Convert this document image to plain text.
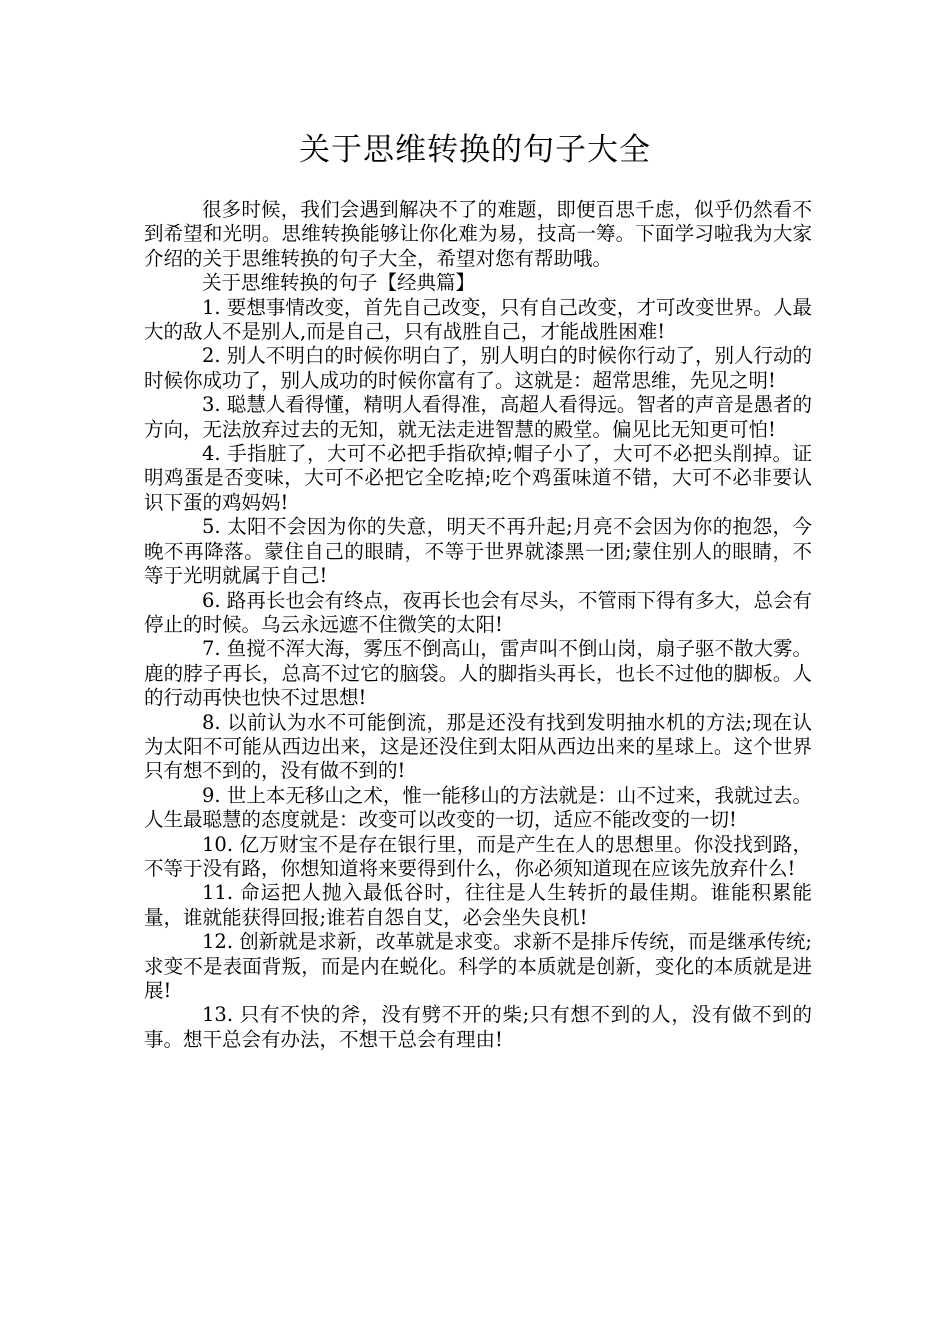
关于思维转换的句子大全

很多时候，我们会遇到解决不了的难题，即便百思千虑，似乎仍然看不到希望和光明。思维转换能够让你化难为易，技高一筹。下面学习啦我为大家介绍的关于思维转换的句子大全，希望对您有帮助哦。

关于思维转换的句子【经典篇】

1. 要想事情改变，首先自己改变，只有自己改变，才可改变世界。人最大的敌人不是别人,而是自己，只有战胜自己，才能战胜困难!

2. 别人不明白的时候你明白了，别人明白的时候你行动了，别人行动的时候你成功了，别人成功的时候你富有了。这就是：超常思维，先见之明!

3. 聪慧人看得懂，精明人看得准，高超人看得远。智者的声音是愚者的方向，无法放弃过去的无知，就无法走进智慧的殿堂。偏见比无知更可怕!

4. 手指脏了，大可不必把手指砍掉;帽子小了，大可不必把头削掉。证明鸡蛋是否变味，大可不必把它全吃掉;吃个鸡蛋味道不错，大可不必非要认识下蛋的鸡妈妈!

5. 太阳不会因为你的失意，明天不再升起;月亮不会因为你的抱怨，今晚不再降落。蒙住自己的眼睛，不等于世界就漆黑一团;蒙住别人的眼睛，不等于光明就属于自己!

6. 路再长也会有终点，夜再长也会有尽头，不管雨下得有多大，总会有停止的时候。乌云永远遮不住微笑的太阳!

7. 鱼搅不浑大海，雾压不倒高山，雷声叫不倒山岗，扇子驱不散大雾。鹿的脖子再长，总高不过它的脑袋。人的脚指头再长，也长不过他的脚板。人的行动再快也快不过思想!

8. 以前认为水不可能倒流，那是还没有找到发明抽水机的方法;现在认为太阳不可能从西边出来，这是还没住到太阳从西边出来的星球上。这个世界只有想不到的，没有做不到的!

9. 世上本无移山之术，惟一能移山的方法就是：山不过来，我就过去。人生最聪慧的态度就是：改变可以改变的一切，适应不能改变的一切!

10. 亿万财宝不是存在银行里，而是产生在人的思想里。你没找到路，不等于没有路，你想知道将来要得到什么，你必须知道现在应该先放弃什么!

11. 命运把人抛入最低谷时，往往是人生转折的最佳期。谁能积累能量，谁就能获得回报;谁若自怨自艾，必会坐失良机!

12. 创新就是求新，改革就是求变。求新不是排斥传统，而是继承传统;求变不是表面背叛，而是内在蜕化。科学的本质就是创新，变化的本质就是进展!

13. 只有不快的斧，没有劈不开的柴;只有想不到的人，没有做不到的事。想干总会有办法，不想干总会有理由!
